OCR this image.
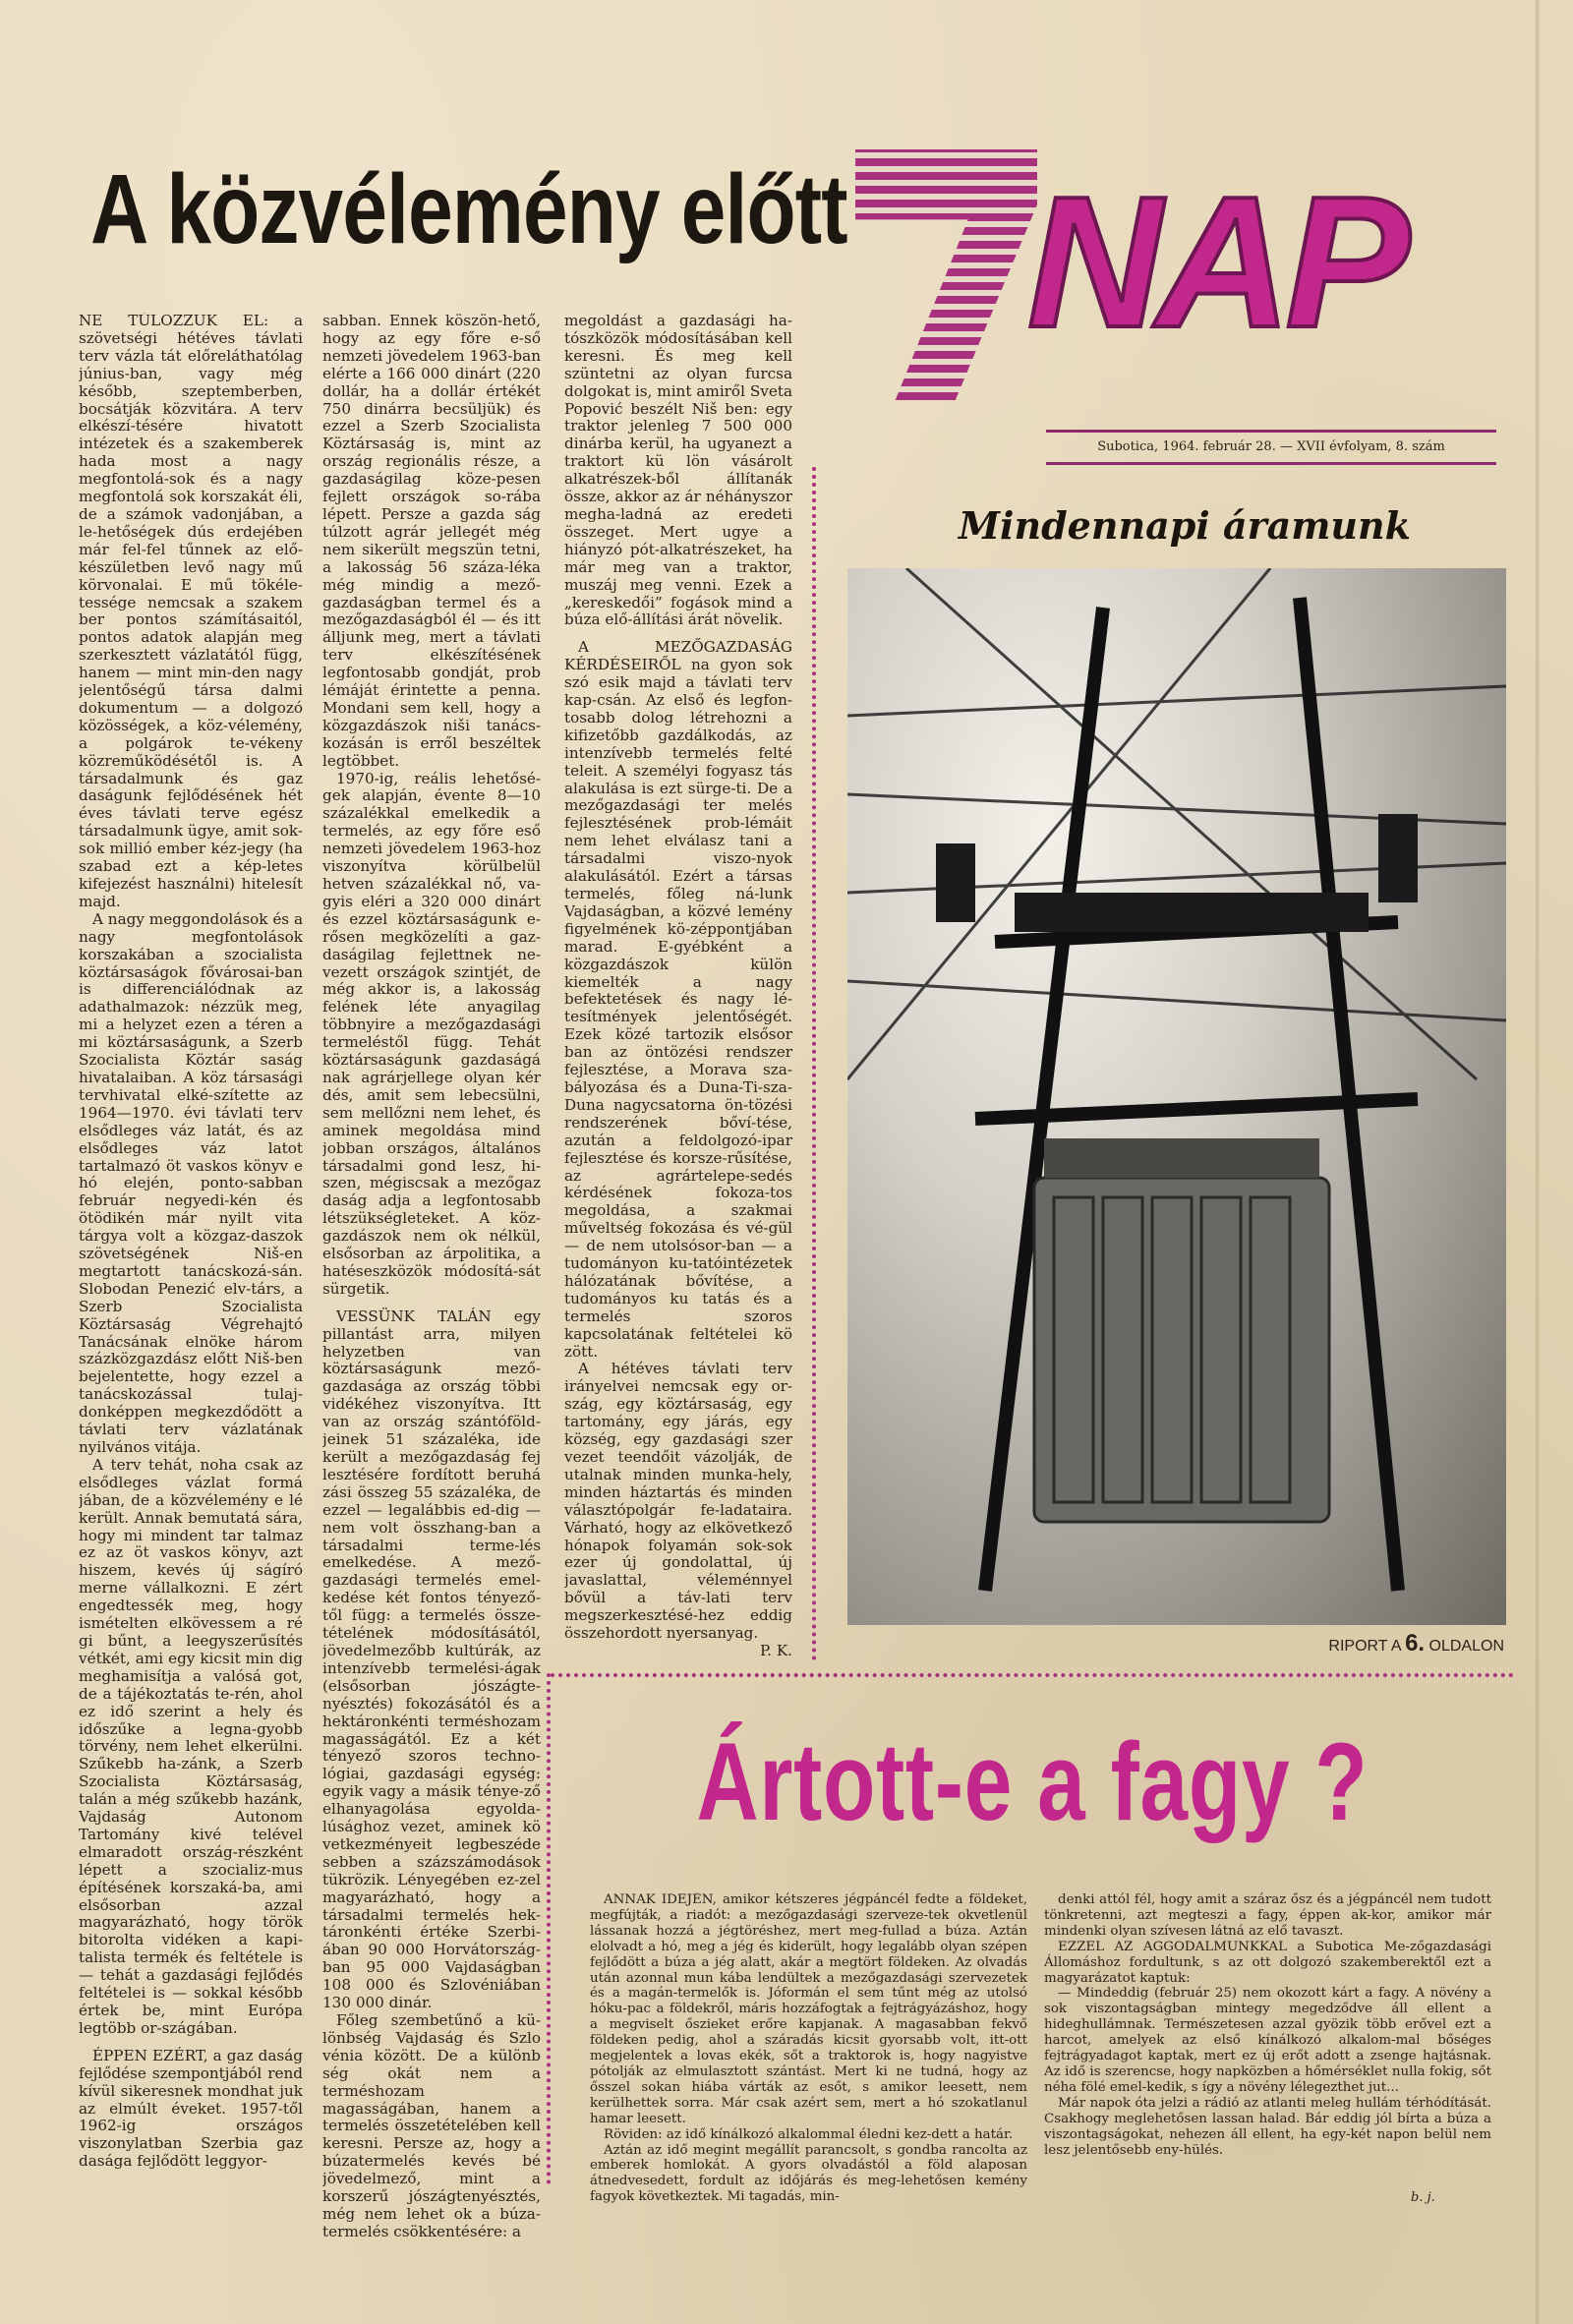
A közvélemény előtt NAP
Subotica, 1964. február 28. — XVII évfolyam, 8. szám
Mindennapi áramunk
RIPORT A 6. OLDALON

NE TÚLOZZUK EL: a szövetségi hétéves távlati terv vázla tát előreláthatólag június-ban, vagy még később, szeptemberben, bocsátják közvitára. A terv elkészí-tésére hivatott intézetek és a szakemberek hada most a nagy megfontolá-sok és a nagy megfontolá sok korszakát éli, de a számok vadonjában, a le-hetőségek dús erdejében már fel-fel tűnnek az elő-készületben levő nagy mű körvonalai. E mű tökéle-tessége nemcsak a szakem ber pontos számításaitól, pontos adatok alapján meg szerkesztett vázlatától függ, hanem — mint min-den nagy jelentőségű társa dalmi dokumentum — a dolgozó közösségek, a köz-vélemény, a polgárok te-vékeny közreműködésétől is. A társadalmunk és gaz daságunk fejlődésének hét éves távlati terve egész társadalmunk ügye, amit sok-sok millió ember kéz-jegy (ha szabad ezt a kép-letes kifejezést használni) hitelesít majd.

A nagy meggondolások és a nagy megfontolások korszakában a szocialista köztársaságok fővárosai-ban is differenciálódnak az adathalmazok: nézzük meg, mi a helyzet ezen a téren a mi köztársaságunk, a Szerb Szocialista Köztár saság hivatalaiban. A köz társasági tervhivatal elké-szítette az 1964—1970. évi távlati terv elsődleges váz latát, és az elsődleges váz latot tartalmazó öt vaskos könyv e hó elején, ponto-sabban február negyedi-kén és ötödikén már nyilt vita tárgya volt a közgaz-daszok szövetségének Niš-en megtartott tanácskozá-sán. Slobodan Penezić elv-társ, a Szerb Szocialista Köztársaság Végrehajtó Tanácsának elnöke három százközgazdász előtt Niš-ben bejelentette, hogy ezzel a tanácskozással tulaj-donképpen megkezdődött a távlati terv vázlatának nyilvános vitája.

A terv tehát, noha csak az elsődleges vázlat formá jában, de a közvélemény e lé került. Annak bemutatá sára, hogy mi mindent tar talmaz ez az öt vaskos könyv, azt hiszem, kevés új ságíró merne vállalkozni. E zért engedtessék meg, hogy ismételten elkövessem a ré gi bűnt, a leegyszerűsítés vétkét, ami egy kicsit min dig meghamisítja a valósá got, de a tájékoztatás te-rén, ahol ez idő szerint a hely és időszűke a legna-gyobb törvény, nem lehet elkerülni. Szűkebb ha-zánk, a Szerb Szocialista Köztársaság, talán a még szűkebb hazánk, Vajdaság Autonom Tartomány kivé telével elmaradott ország-részként lépett a szocializ-mus építésének korszaká-ba, ami elsősorban azzal magyarázható, hogy török bitorolta vidéken a kapi-talista termék és feltétele is — tehát a gazdasági fejlődés feltételei is — sokkal később értek be, mint Európa legtöbb or-szágában.

ÉPPEN EZÉRT, a gaz daság fejlődése szempontjából rend kívül sikeresnek mondhat juk az elmúlt éveket. 1957-től 1962-ig országos viszonylatban Szerbia gaz dasága fejlődött leggyor-

sabban. Ennek köszön-hető, hogy az egy főre e-ső nemzeti jövedelem 1963-ban elérte a 166 000 dinárt (220 dollár, ha a dollár értékét 750 dinárra becsüljük) és ezzel a Szerb Szocialista Köztársaság is, mint az ország regionális része, a gazdaságilag köze-pesen fejlett országok so-rába lépett. Persze a gazda ság túlzott agrár jellegét még nem sikerült megszün tetni, a lakosság 56 száza-léka még mindig a mező-gazdaságban termel és a mezőgazdaságból él — és itt álljunk meg, mert a távlati terv elkészítésének legfontosabb gondját, prob lémáját érintette a penna. Mondani sem kell, hogy a közgazdászok niši tanács-kozásán is erről beszéltek legtöbbet.

1970-ig, reális lehetősé-gek alapján, évente 8—10 százalékkal emelkedik a termelés, az egy főre eső nemzeti jövedelem 1963-hoz viszonyítva körülbelül hetven százalékkal nő, va-gyis eléri a 320 000 dinárt és ezzel köztársaságunk e-rősen megközelíti a gaz-daságilag fejlettnek ne-vezett országok szintjét, de még akkor is, a lakosság felének léte anyagilag többnyire a mezőgazdasági termeléstől függ. Tehát köztársaságunk gazdaságá nak agrárjellege olyan kér dés, amit sem lebecsülni, sem mellőzni nem lehet, és aminek megoldása mind jobban országos, általános társadalmi gond lesz, hi-szen, mégiscsak a mezőgaz daság adja a legfontosabb létszükségleteket. A köz-gazdászok nem ok nélkül, elsősorban az árpolitika, a hatéseszközök módosítá-sát sürgetik.

VESSÜNK TALÁN egy pillantást arra, milyen helyzetben van köztársaságunk mező-gazdasága az ország többi vidékéhez viszonyítva. Itt van az ország szántóföld-jeinek 51 százaléka, ide került a mezőgazdaság fej lesztésére fordított beruhá zási összeg 55 százaléka, de ezzel — legalábbis ed-dig — nem volt összhang-ban a társadalmi terme-lés emelkedése. A mező-gazdasági termelés emel-kedése két fontos tényező-től függ: a termelés össze-tételének módosításától, jövedelmezőbb kultúrák, az intenzívebb termelési-ágak (elsősorban jószágte-nyésztés) fokozásától és a hektáronkénti terméshozam magasságától. Ez a két tényező szoros techno-lógiai, gazdasági egység: egyik vagy a másik ténye-ző elhanyagolása egyolda-lúsághoz vezet, aminek kö vetkezményeit legbeszéde sebben a százszámodások tükrözik. Lényegében ez-zel magyarázható, hogy a társadalmi termelés hek-táronkénti értéke Szerbi-ában 90 000 Horvátország-ban 95 000 Vajdaságban 108 000 és Szlovéniában 130 000 dinár.

Főleg szembetűnő a kü-lönbség Vajdaság és Szlo vénia között. De a különb ség okát nem a terméshozam magasságában, hanem a termelés összetételében kell keresni. Persze az, hogy a búzatermelés kevés bé jövedelmező, mint a korszerű jószágtenyésztés, még nem lehet ok a búza-termelés csökkentésére: a

megoldást a gazdasági ha-tószközök módosításában kell keresni. És meg kell szüntetni az olyan furcsa dolgokat is, mint amiről Sveta Popović beszélt Niš ben: egy traktor jelenleg 7 500 000 dinárba kerül, ha ugyanezt a traktort kü lön vásárolt alkatrészek-ből állítanák össze, akkor az ár néhányszor megha-ladná az eredeti összeget. Mert ugye a hiányzó pót-alkatrészeket, ha már meg van a traktor, muszáj meg venni. Ezek a „kereskedői” fogások mind a búza elő-állítási árát növelik.

A MEZŐGAZDASÁG KÉRDÉSEIRŐL na gyon sok szó esik majd a távlati terv kap-csán. Az első és legfon-tosabb dolog létrehozni a kifizetőbb gazdálkodás, az intenzívebb termelés felté teleit. A személyi fogyasz tás alakulása is ezt sürge-ti. De a mezőgazdasági ter melés fejlesztésének prob-lémáit nem lehet elválasz tani a társadalmi viszo-nyok alakulásától. Ezért a társas termelés, főleg ná-lunk Vajdaságban, a közvé lemény figyelmének kö-zéppontjában marad. E-gyébként a közgazdászok külön kiemelték a nagy befektetések és nagy lé-tesítmények jelentőségét. Ezek közé tartozik elsősor ban az öntözési rendszer fejlesztése, a Morava sza-bályozása és a Duna-Ti-sza-Duna nagycsatorna ön-tözési rendszerének bőví-tése, azután a feldolgozó-ipar fejlesztése és korsze-rűsítése, az agrártelepe-sedés kérdésének fokoza-tos megoldása, a szakmai műveltség fokozása és vé-gül — de nem utolsósor-ban — a tudományon ku-tatóintézetek hálózatának bővítése, a tudományos ku tatás és a termelés szoros kapcsolatának feltételei kö zött.

A hétéves távlati terv irányelvei nemcsak egy or-szág, egy köztársaság, egy tartomány, egy járás, egy község, egy gazdasági szer vezet teendőit vázolják, de utalnak minden munka-hely, minden háztartás és minden választópolgár fe-ladataira. Várható, hogy az elkövetkező hónapok folyamán sok-sok ezer új gondolattal, új javaslattal, véleménnyel bővül a táv-lati terv megszerkesztésé-hez eddig összehordott nyersanyag.

P. K.

Ártott-e a fagy ?

ANNAK IDEJÉN, amikor kétszeres jégpáncél fedte a földeket, megfújták, a riadót: a mezőgazdasági szerveze-tek okvetlenül lássanak hozzá a jégtöréshez, mert meg-fullad a búza. Aztán elolvadt a hó, meg a jég és kiderült, hogy legalább olyan szépen fejlődött a búza a jég alatt, akár a megtört földeken. Az olvadás után azonnal mun kába lendültek a mezőgazdasági szervezetek és a magán-termelők is. Jóformán el sem tűnt még az utolsó hóku-pac a földekről, máris hozzáfogtak a fejtrágyázáshoz, hogy a megviselt őszieket erőre kapjanak. A magasabban fekvő földeken pedig, ahol a száradás kicsit gyorsabb volt, itt-ott megjelentek a lovas ekék, sőt a traktorok is, hogy nagyistve pótolják az elmulasztott szántást. Mert ki ne tudná, hogy az ősszel sokan hiába várták az esőt, s amikor leesett, nem kerülhettek sorra. Már csak azért sem, mert a hó szokatlanul hamar leesett.

Röviden: az idő kínálkozó alkalommal éledni kez-dett a határ.

Aztán az idő megint megállít parancsolt, s gondba rancolta az emberek homlokát. A gyors olvadástól a föld alaposan átnedvesedett, fordult az időjárás és meg-lehetősen kemény fagyok következtek. Mi tagadás, min-

denki attól fél, hogy amit a száraz ősz és a jégpáncél nem tudott tönkretenni, azt megteszi a fagy, éppen ak-kor, amikor már mindenki olyan szívesen látná az elő tavaszt.

EZZEL AZ AGGODALMUNKKAL a Subotica Me-zőgazdasági Állomáshoz fordultunk, s az ott dolgozó szakemberektől ezt a magyarázatot kaptuk:

— Mindeddig (február 25) nem okozott kárt a fagy. A növény a sok viszontagságban mintegy megedződve áll ellent a hideghullámnak. Természetesen azzal gyözik több erővel ezt a harcot, amelyek az első kínálkozó alkalom-mal bőséges fejtrágyadagot kaptak, mert ez új erőt adott a zsenge hajtásnak. Az idő is szerencse, hogy napközben a hőmérséklet nulla fokig, sőt néha fölé emel-kedik, s így a növény lélegezthet jut...

Már napok óta jelzi a rádió az atlanti meleg hullám térhódítását. Csakhogy meglehetősen lassan halad. Bár eddig jól bírta a búza a viszontagságokat, nehezen áll ellent, ha egy-két napon belül nem lesz jelentősebb eny-hülés.

b. j.
